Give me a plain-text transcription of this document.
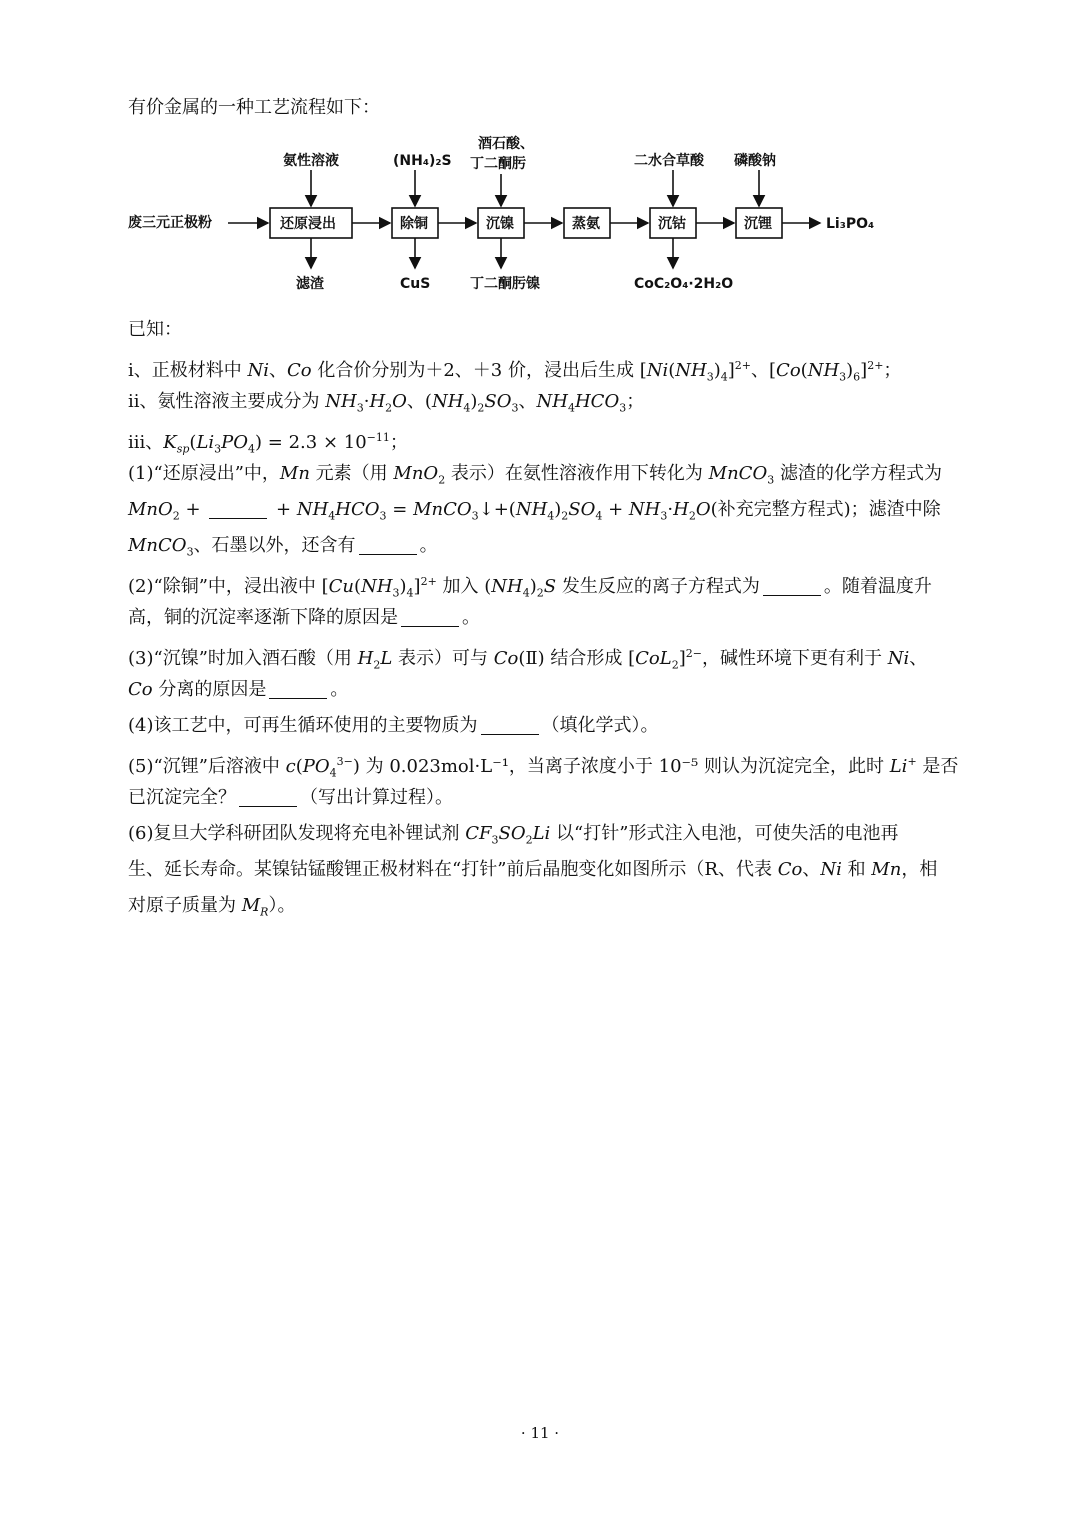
有价金属的一种工艺流程如下：
废三元正极粉	还原浸出
氨性溶液
滤渣
除铜
(NH₄)₂S
CuS
沉镍
酒石酸、
丁二酮肟
丁二酮肟镍
蒸氨	沉钴
二水合草酸
CoC₂O₄·2H₂O
沉锂
磷酸钠
Li₃PO₄
已知：
ⅰ、正极材料中 Ni、Co 化合价分别为＋2、＋3 价，浸出后生成 $[Ni(NH_3)_4]^{2+}$、$[Co(NH_3)_6]^{2+}$；
ⅱ、氨性溶液主要成分为 $NH_3\cdot H_2O$、$(NH_4)_2SO_3$、$NH_4HCO_3$；
ⅲ、$K_{sp}(Li_3PO_4) = 2.3 \times 10^{-11}$；
(1)“还原浸出”中，Mn 元素（用 MnO$_2$ 表示）在氨性溶液作用下转化为 MnCO$_3$ 滤渣的化学方程式为
MnO$_2$ +	+ $NH_4HCO_3$ = $MnCO_3↓+(NH_4)_2SO_4 + NH_3\cdot H_2O$(补充完整方程式)；滤渣中除
MnCO$_3$、石墨以外，还含有	。
(2)“除铜”中，浸出液中 $[Cu(NH_3)_4]^{2+}$ 加入 $(NH_4)_2S$ 发生反应的离子方程式为	。随着温度升
高，铜的沉淀率逐渐下降的原因是	。
(3)“沉镍”时加入酒石酸（用 $H_2L$ 表示）可与 Co(Ⅱ) 结合形成 $[CoL_2]^{2-}$，碱性环境下更有利于 Ni、
Co 分离的原因是	。
(4)该工艺中，可再生循环使用的主要物质为	（填化学式）。
(5)“沉锂”后溶液中 $c(PO_4^{3-})$ 为 0.023mol·L⁻¹，当离子浓度小于 10⁻⁵ 则认为沉淀完全，此时 Li+ 是否
已沉淀完全？	（写出计算过程）。
(6)复旦大学科研团队发现将充电补锂试剂 $CF_3SO_2Li$ 以“打针”形式注入电池，可使失活的电池再
生、延长寿命。某镍钴锰酸锂正极材料在“打针”前后晶胞变化如图所示（R、代表 Co、Ni 和 Mn，相
对原子质量为 $M_R$）。
· 11 ·
